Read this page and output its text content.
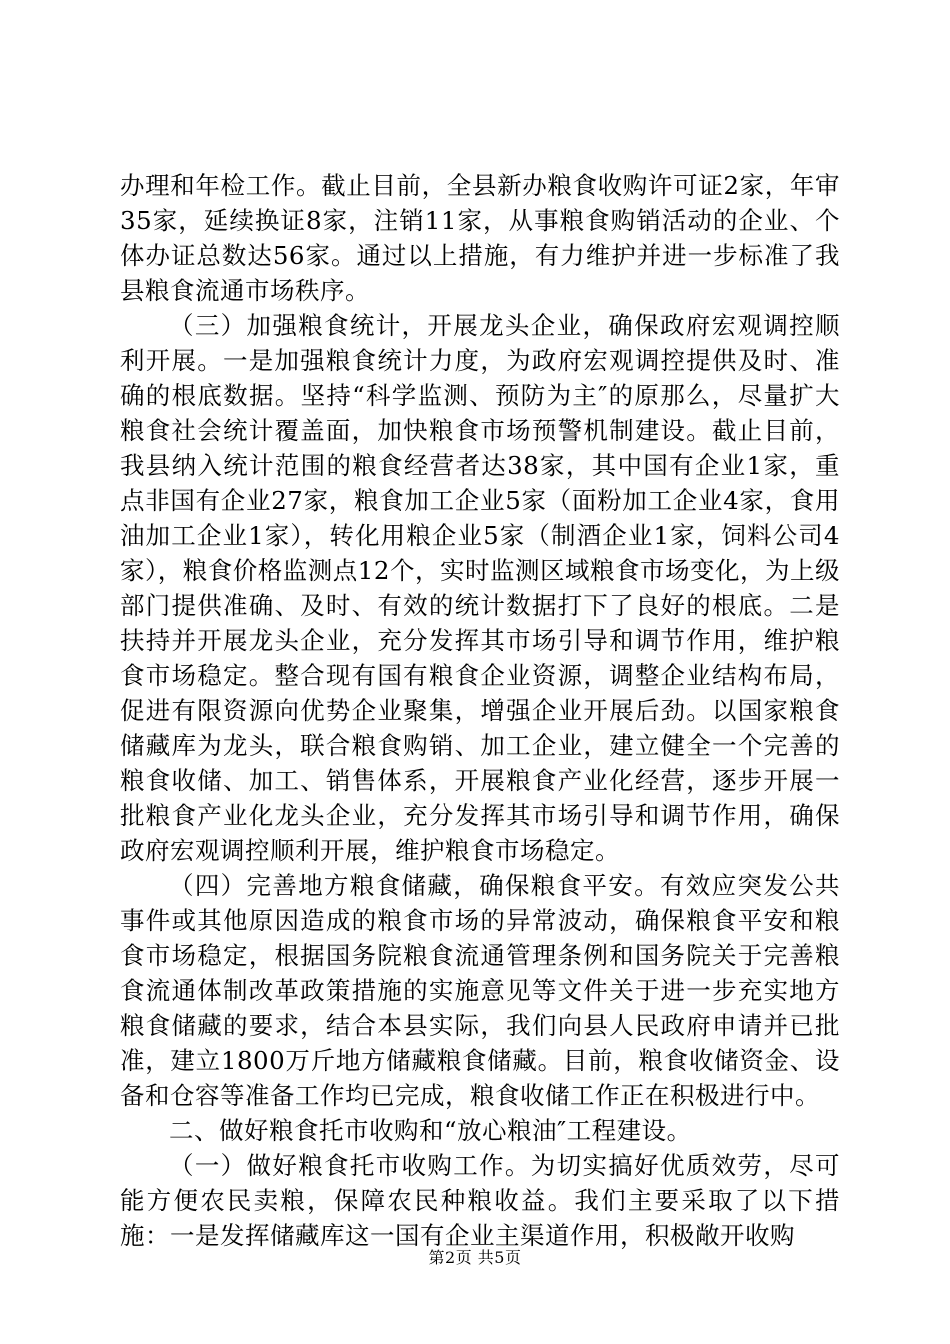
办理和年检工作。截止目前，全县新办粮食收购许可证2家，年审35家，延续换证8家，注销11家，从事粮食购销活动的企业、个体办证总数达56家。通过以上措施，有力维护并进一步标准了我县粮食流通市场秩序。

（三）加强粮食统计，开展龙头企业，确保政府宏观调控顺利开展。一是加强粮食统计力度，为政府宏观调控提供及时、准确的根底数据。坚持“科学监测、预防为主″的原那么，尽量扩大粮食社会统计覆盖面，加快粮食市场预警机制建设。截止目前，我县纳入统计范围的粮食经营者达38家，其中国有企业1家，重点非国有企业27家，粮食加工企业5家（面粉加工企业4家，食用油加工企业1家），转化用粮企业5家（制酒企业1家，饲料公司4家），粮食价格监测点12个，实时监测区域粮食市场变化，为上级部门提供准确、及时、有效的统计数据打下了良好的根底。二是扶持并开展龙头企业，充分发挥其市场引导和调节作用，维护粮食市场稳定。整合现有国有粮食企业资源，调整企业结构布局，促进有限资源向优势企业聚集，增强企业开展后劲。以国家粮食储藏库为龙头，联合粮食购销、加工企业，建立健全一个完善的粮食收储、加工、销售体系，开展粮食产业化经营，逐步开展一批粮食产业化龙头企业，充分发挥其市场引导和调节作用，确保政府宏观调控顺利开展，维护粮食市场稳定。

（四）完善地方粮食储藏，确保粮食平安。有效应突发公共事件或其他原因造成的粮食市场的异常波动，确保粮食平安和粮食市场稳定，根据国务院粮食流通管理条例和国务院关于完善粮食流通体制改革政策措施的实施意见等文件关于进一步充实地方粮食储藏的要求，结合本县实际，我们向县人民政府申请并已批准，建立1800万斤地方储藏粮食储藏。目前，粮食收储资金、设备和仓容等准备工作均已完成，粮食收储工作正在积极进行中。

二、做好粮食托市收购和“放心粮油″工程建设。

（一）做好粮食托市收购工作。为切实搞好优质效劳，尽可能方便农民卖粮，保障农民种粮收益。我们主要采取了以下措施：一是发挥储藏库这一国有企业主渠道作用，积极敞开收购

第2页 共5页
